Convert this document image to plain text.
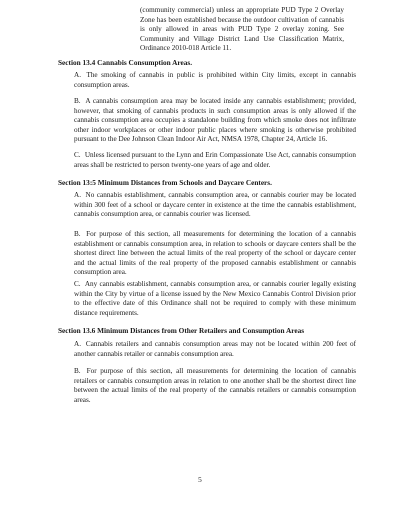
(community commercial) unless an appropriate PUD Type 2 Overlay Zone has been established because the outdoor cultivation of cannabis is only allowed in areas with PUD Type 2 overlay zoning. See Community and Village District Land Use Classification Matrix, Ordinance 2010-018 Article 11.
Section 13.4 Cannabis Consumption Areas.
A. The smoking of cannabis in public is prohibited within City limits, except in cannabis consumption areas.
B. A cannabis consumption area may be located inside any cannabis establishment; provided, however, that smoking of cannabis products in such consumption areas is only allowed if the cannabis consumption area occupies a standalone building from which smoke does not infiltrate other indoor workplaces or other indoor public places where smoking is otherwise prohibited pursuant to the Dee Johnson Clean Indoor Air Act, NMSA 1978, Chapter 24, Article 16.
C. Unless licensed pursuant to the Lynn and Erin Compassionate Use Act, cannabis consumption areas shall be restricted to person twenty-one years of age and older.
Section 13:5 Minimum Distances from Schools and Daycare Centers.
A. No cannabis establishment, cannabis consumption area, or cannabis courier may be located within 300 feet of a school or daycare center in existence at the time the cannabis establishment, cannabis consumption area, or cannabis courier was licensed.
B. For purpose of this section, all measurements for determining the location of a cannabis establishment or cannabis consumption area, in relation to schools or daycare centers shall be the shortest direct line between the actual limits of the real property of the school or daycare center and the actual limits of the real property of the proposed cannabis establishment or cannabis consumption area.
C. Any cannabis establishment, cannabis consumption area, or cannabis courier legally existing within the City by virtue of a license issued by the New Mexico Cannabis Control Division prior to the effective date of this Ordinance shall not be required to comply with these minimum distance requirements.
Section 13.6 Minimum Distances from Other Retailers and Consumption Areas
A. Cannabis retailers and cannabis consumption areas may not be located within 200 feet of another cannabis retailer or cannabis consumption area.
B. For purpose of this section, all measurements for determining the location of cannabis retailers or cannabis consumption areas in relation to one another shall be the shortest direct line between the actual limits of the real property of the cannabis retailers or cannabis consumption areas.
5
